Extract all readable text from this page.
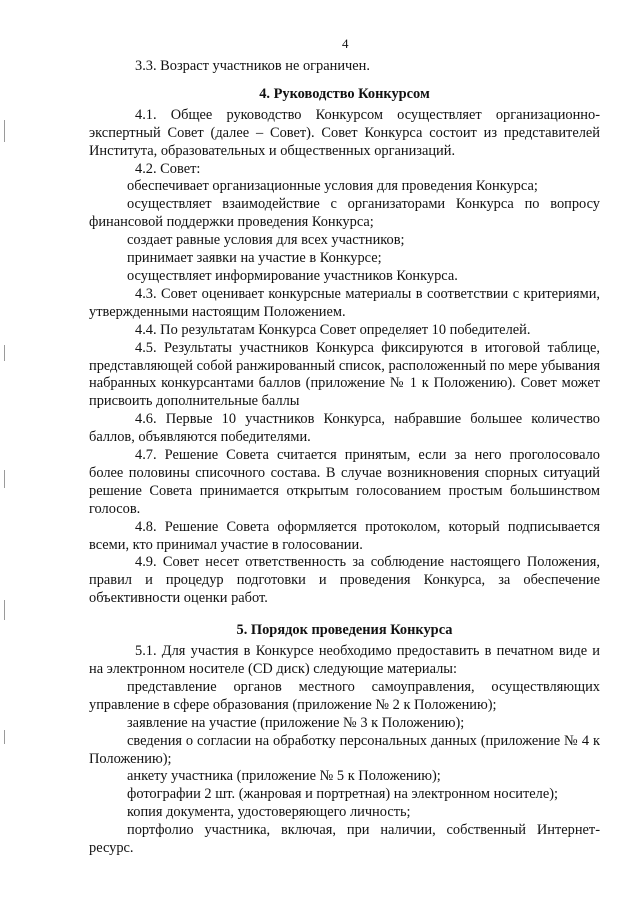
4

3.3. Возраст участников не ограничен.

4. Руководство Конкурсом

4.1. Общее руководство Конкурсом осуществляет организационно-экспертный Совет (далее – Совет). Совет Конкурса состоит из представителей Института, образовательных и общественных организаций.

4.2. Совет:

обеспечивает организационные условия для проведения Конкурса;

осуществляет взаимодействие с организаторами Конкурса по вопросу финансовой поддержки проведения Конкурса;

создает равные условия для всех участников;

принимает заявки на участие в Конкурсе;

осуществляет информирование участников Конкурса.

4.3. Совет оценивает конкурсные материалы в соответствии с критериями, утвержденными настоящим Положением.

4.4. По результатам Конкурса Совет определяет 10 победителей.

4.5. Результаты участников Конкурса фиксируются в итоговой таблице, представляющей собой ранжированный список, расположенный по мере убывания набранных конкурсантами баллов (приложение № 1 к Положению). Совет может присвоить дополнительные баллы

4.6. Первые 10 участников Конкурса, набравшие большее количество баллов, объявляются победителями.

4.7. Решение Совета считается принятым, если за него проголосовало более половины списочного состава. В случае возникновения спорных ситуаций решение Совета принимается открытым голосованием простым большинством голосов.

4.8. Решение Совета оформляется протоколом, который подписывается всеми, кто принимал участие в голосовании.

4.9. Совет несет ответственность за соблюдение настоящего Положения, правил и процедур подготовки и проведения Конкурса, за обеспечение объективности оценки работ.

5. Порядок проведения Конкурса

5.1. Для участия в Конкурсе необходимо предоставить в печатном виде и на электронном носителе (CD диск) следующие материалы:

представление органов местного самоуправления, осуществляющих управление в сфере образования (приложение № 2 к Положению);

заявление на участие (приложение № 3 к Положению);

сведения о согласии на обработку персональных данных (приложение № 4 к Положению);

анкету участника (приложение № 5 к Положению);

фотографии 2 шт. (жанровая и портретная) на электронном носителе);

копия документа, удостоверяющего личность;

портфолио участника, включая, при наличии, собственный Интернет-ресурс.
